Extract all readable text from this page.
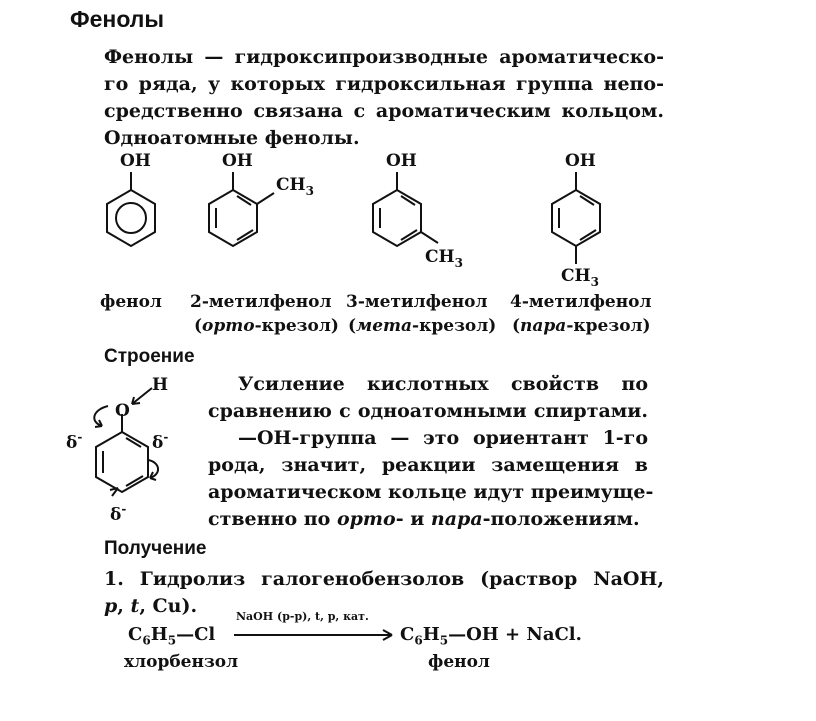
Фенолы
Фенолы — гидроксипроизводные ароматическо-
го ряда, у которых гидроксильная группа непо-
средственно связана с ароматическим кольцом.
Одноатомные фенолы.
OH	OH
$CH_3$
OH
$CH_3$
OH
$CH_3$
фенол 2-метилфенол 3-метилфенол 4-метилфенол
(орто-крезол) (мета-крезол) (пара-крезол)
Строение
H
O
δ-	δ-
δ-
Усиление кислотных свойств по
сравнению с одноатомными спиртами.
—OH-группа — это ориентант 1-го
рода, значит, реакции замещения в
ароматическом кольце идут преимуще-
ственно по орто- и пара-положениям.
Получение
1. Гидролиз галогенобензолов (раствор NaOH,
p, t, Cu).
$C_6H_5—Cl$
NaOH (р-р), t, p, кат.
$C_6H_5—OH$ + NaCl.
хлорбензол	фенол
